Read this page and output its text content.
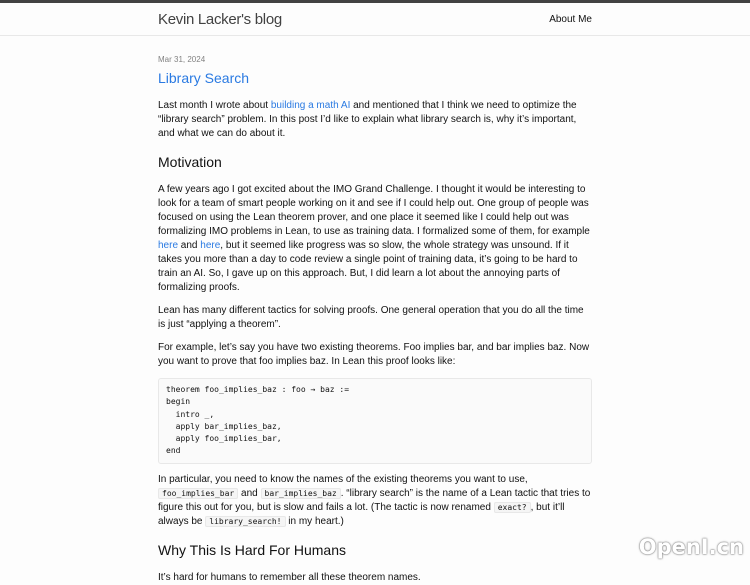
Kevin Lacker's blog	About Me
Mar 31, 2024
Library Search

Last month I wrote about building a math AI and mentioned that I think we need to optimize the “library search” problem. In this post I’d like to explain what library search is, why it’s important, and what we can do about it.

Motivation

A few years ago I got excited about the IMO Grand Challenge. I thought it would be interesting to look for a team of smart people working on it and see if I could help out. One group of people was focused on using the Lean theorem prover, and one place it seemed like I could help out was formalizing IMO problems in Lean, to use as training data. I formalized some of them, for example here and here, but it seemed like progress was so slow, the whole strategy was unsound. If it takes you more than a day to code review a single point of training data, it’s going to be hard to train an AI. So, I gave up on this approach. But, I did learn a lot about the annoying parts of formalizing proofs.

Lean has many different tactics for solving proofs. One general operation that you do all the time is just “applying a theorem”.

For example, let’s say you have two existing theorems. Foo implies bar, and bar implies baz. Now you want to prove that foo implies baz. In Lean this proof looks like:

theorem foo_implies_baz : foo → baz :=
begin
intro _,
apply bar_implies_baz,
apply foo_implies_bar,
end

In particular, you need to know the names of the existing theorems you want to use, foo_implies_bar and bar_implies_baz . “library search” is the name of a Lean tactic that tries to figure this out for you, but is slow and fails a lot. (The tactic is now renamed exact? , but it’ll always be library_search! in my heart.)

Why This Is Hard For Humans

It’s hard for humans to remember all these theorem names.

OpenI.cn
